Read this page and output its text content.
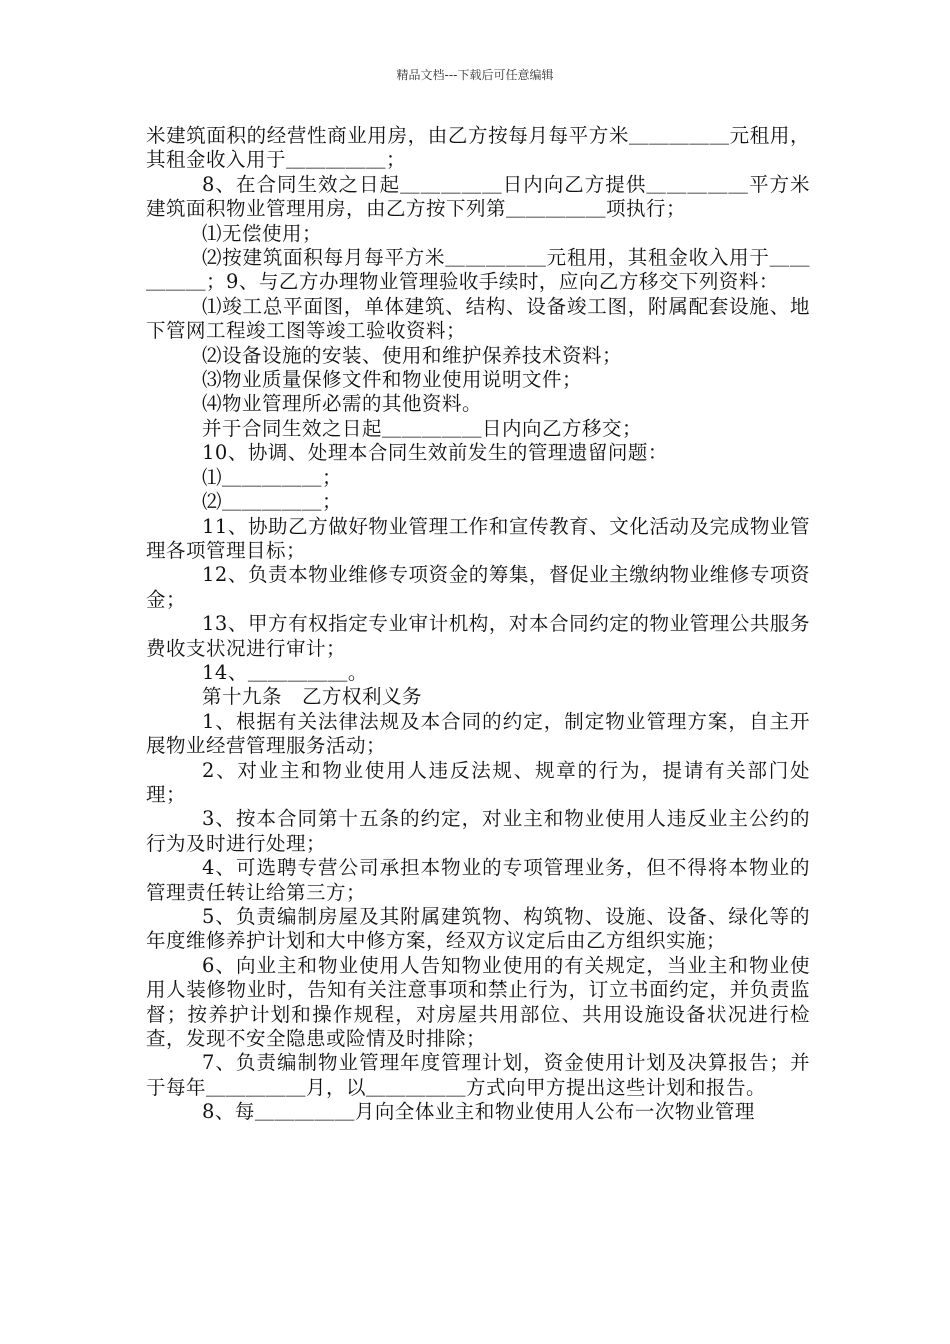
精品文档---下载后可任意编辑

米建筑面积的经营性商业用房，由乙方按每月每平方米＿＿＿＿＿元租用，其租金收入用于＿＿＿＿＿；

8、在合同生效之日起＿＿＿＿＿日内向乙方提供＿＿＿＿＿平方米建筑面积物业管理用房，由乙方按下列第＿＿＿＿＿项执行；

⑴无偿使用；

⑵按建筑面积每月每平方米＿＿＿＿＿元租用，其租金收入用于＿＿＿＿＿；9、与乙方办理物业管理验收手续时，应向乙方移交下列资料：

⑴竣工总平面图，单体建筑、结构、设备竣工图，附属配套设施、地下管网工程竣工图等竣工验收资料；

⑵设备设施的安装、使用和维护保养技术资料；

⑶物业质量保修文件和物业使用说明文件；

⑷物业管理所必需的其他资料。

并于合同生效之日起＿＿＿＿＿日内向乙方移交；

10、协调、处理本合同生效前发生的管理遗留问题：

⑴＿＿＿＿＿；

⑵＿＿＿＿＿；

11、协助乙方做好物业管理工作和宣传教育、文化活动及完成物业管理各项管理目标；

12、负责本物业维修专项资金的筹集，督促业主缴纳物业维修专项资金；

13、甲方有权指定专业审计机构，对本合同约定的物业管理公共服务费收支状况进行审计；

14、＿＿＿＿＿。

第十九条　乙方权利义务

1、根据有关法律法规及本合同的约定，制定物业管理方案，自主开展物业经营管理服务活动；

2、对业主和物业使用人违反法规、规章的行为，提请有关部门处理；

3、按本合同第十五条的约定，对业主和物业使用人违反业主公约的行为及时进行处理；

4、可选聘专营公司承担本物业的专项管理业务，但不得将本物业的管理责任转让给第三方；

5、负责编制房屋及其附属建筑物、构筑物、设施、设备、绿化等的年度维修养护计划和大中修方案，经双方议定后由乙方组织实施；

6、向业主和物业使用人告知物业使用的有关规定，当业主和物业使用人装修物业时，告知有关注意事项和禁止行为，订立书面约定，并负责监督；按养护计划和操作规程，对房屋共用部位、共用设施设备状况进行检查，发现不安全隐患或险情及时排除；

7、负责编制物业管理年度管理计划，资金使用计划及决算报告；并于每年＿＿＿＿＿月，以＿＿＿＿＿方式向甲方提出这些计划和报告。

8、每＿＿＿＿＿月向全体业主和物业使用人公布一次物业管理
